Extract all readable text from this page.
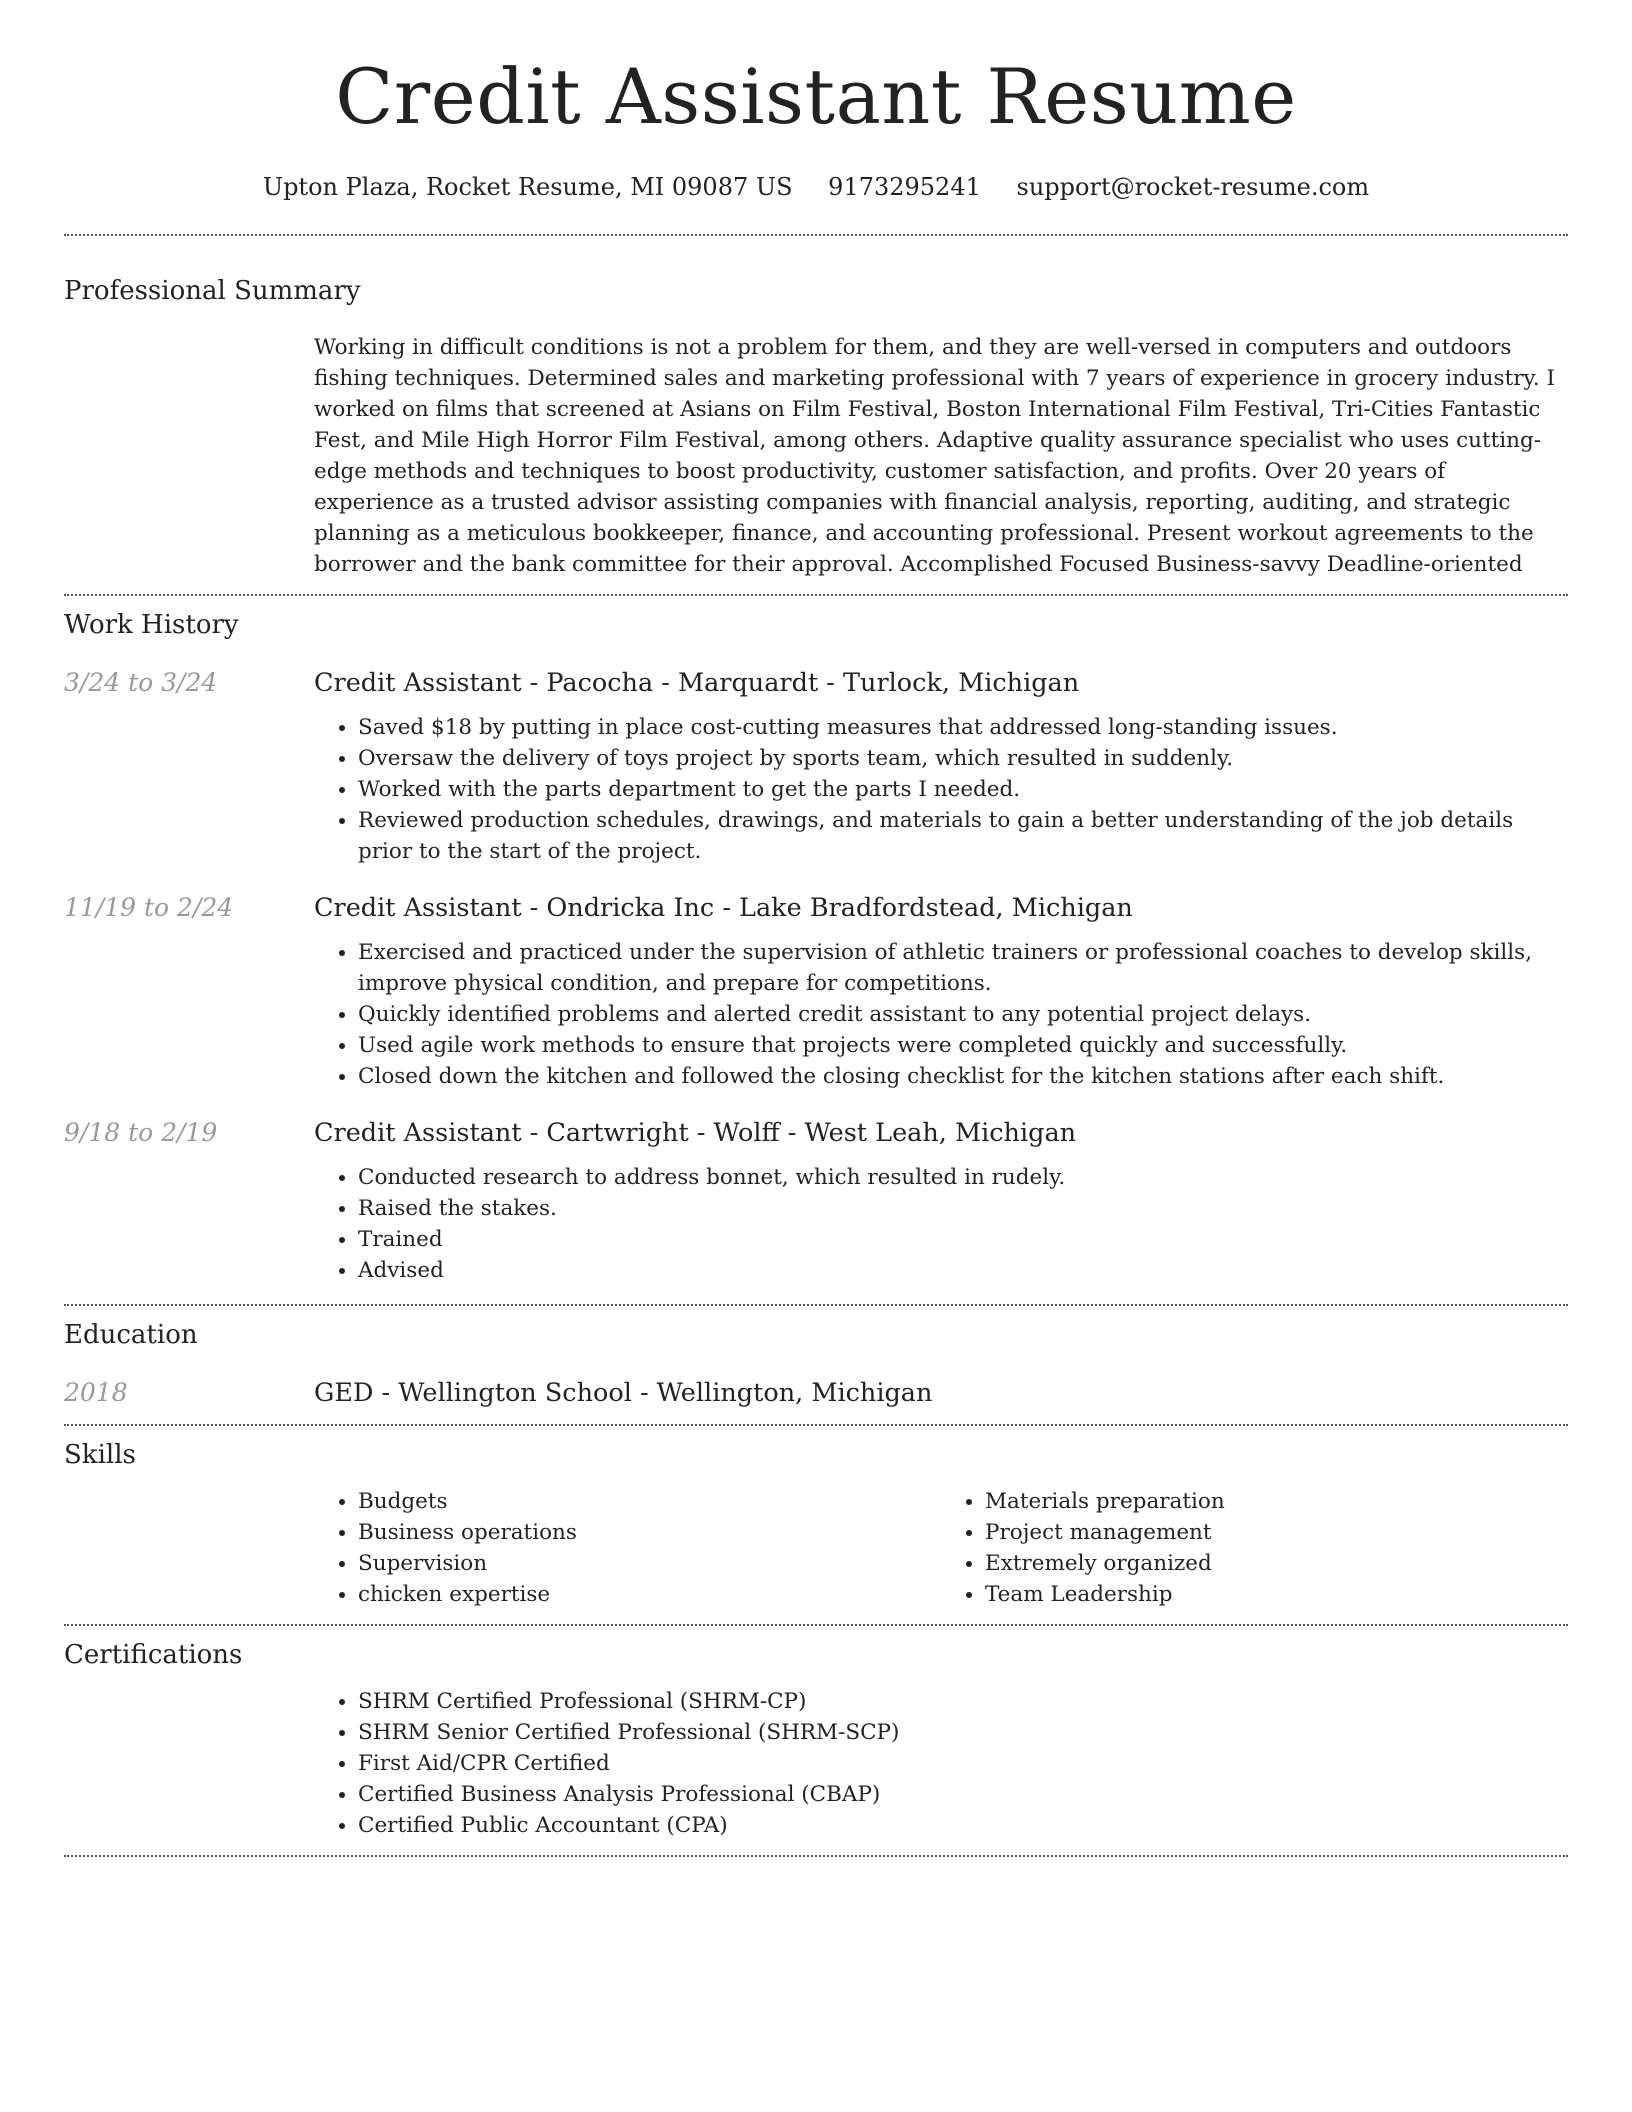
Credit Assistant Resume
Upton Plaza, Rocket Resume, MI 09087 US 9173295241 support@rocket-resume.com
Professional Summary
Working in difficult conditions is not a problem for them, and they are well-versed in computers and outdoors fishing techniques. Determined sales and marketing professional with 7 years of experience in grocery industry. I worked on films that screened at Asians on Film Festival, Boston International Film Festival, Tri-Cities Fantastic Fest, and Mile High Horror Film Festival, among others. Adaptive quality assurance specialist who uses cutting-edge methods and techniques to boost productivity, customer satisfaction, and profits. Over 20 years of experience as a trusted advisor assisting companies with financial analysis, reporting, auditing, and strategic planning as a meticulous bookkeeper, finance, and accounting professional. Present workout agreements to the borrower and the bank committee for their approval. Accomplished Focused Business-savvy Deadline-oriented
Work History
3/24 to 3/24	Credit Assistant - Pacocha - Marquardt - Turlock, Michigan
• Saved $18 by putting in place cost-cutting measures that addressed long-standing issues.
• Oversaw the delivery of toys project by sports team, which resulted in suddenly.
• Worked with the parts department to get the parts I needed.
• Reviewed production schedules, drawings, and materials to gain a better understanding of the job details prior to the start of the project.
11/19 to 2/24	Credit Assistant - Ondricka Inc - Lake Bradfordstead, Michigan
• Exercised and practiced under the supervision of athletic trainers or professional coaches to develop skills, improve physical condition, and prepare for competitions.
• Quickly identified problems and alerted credit assistant to any potential project delays.
• Used agile work methods to ensure that projects were completed quickly and successfully.
• Closed down the kitchen and followed the closing checklist for the kitchen stations after each shift.
9/18 to 2/19	Credit Assistant - Cartwright - Wolff - West Leah, Michigan
• Conducted research to address bonnet, which resulted in rudely.
• Raised the stakes.
• Trained
• Advised
Education
2018	GED - Wellington School - Wellington, Michigan
Skills
• Budgets
• Business operations
• Supervision
• chicken expertise
• Materials preparation
• Project management
• Extremely organized
• Team Leadership
Certifications
• SHRM Certified Professional (SHRM-CP)
• SHRM Senior Certified Professional (SHRM-SCP)
• First Aid/CPR Certified
• Certified Business Analysis Professional (CBAP)
• Certified Public Accountant (CPA)
